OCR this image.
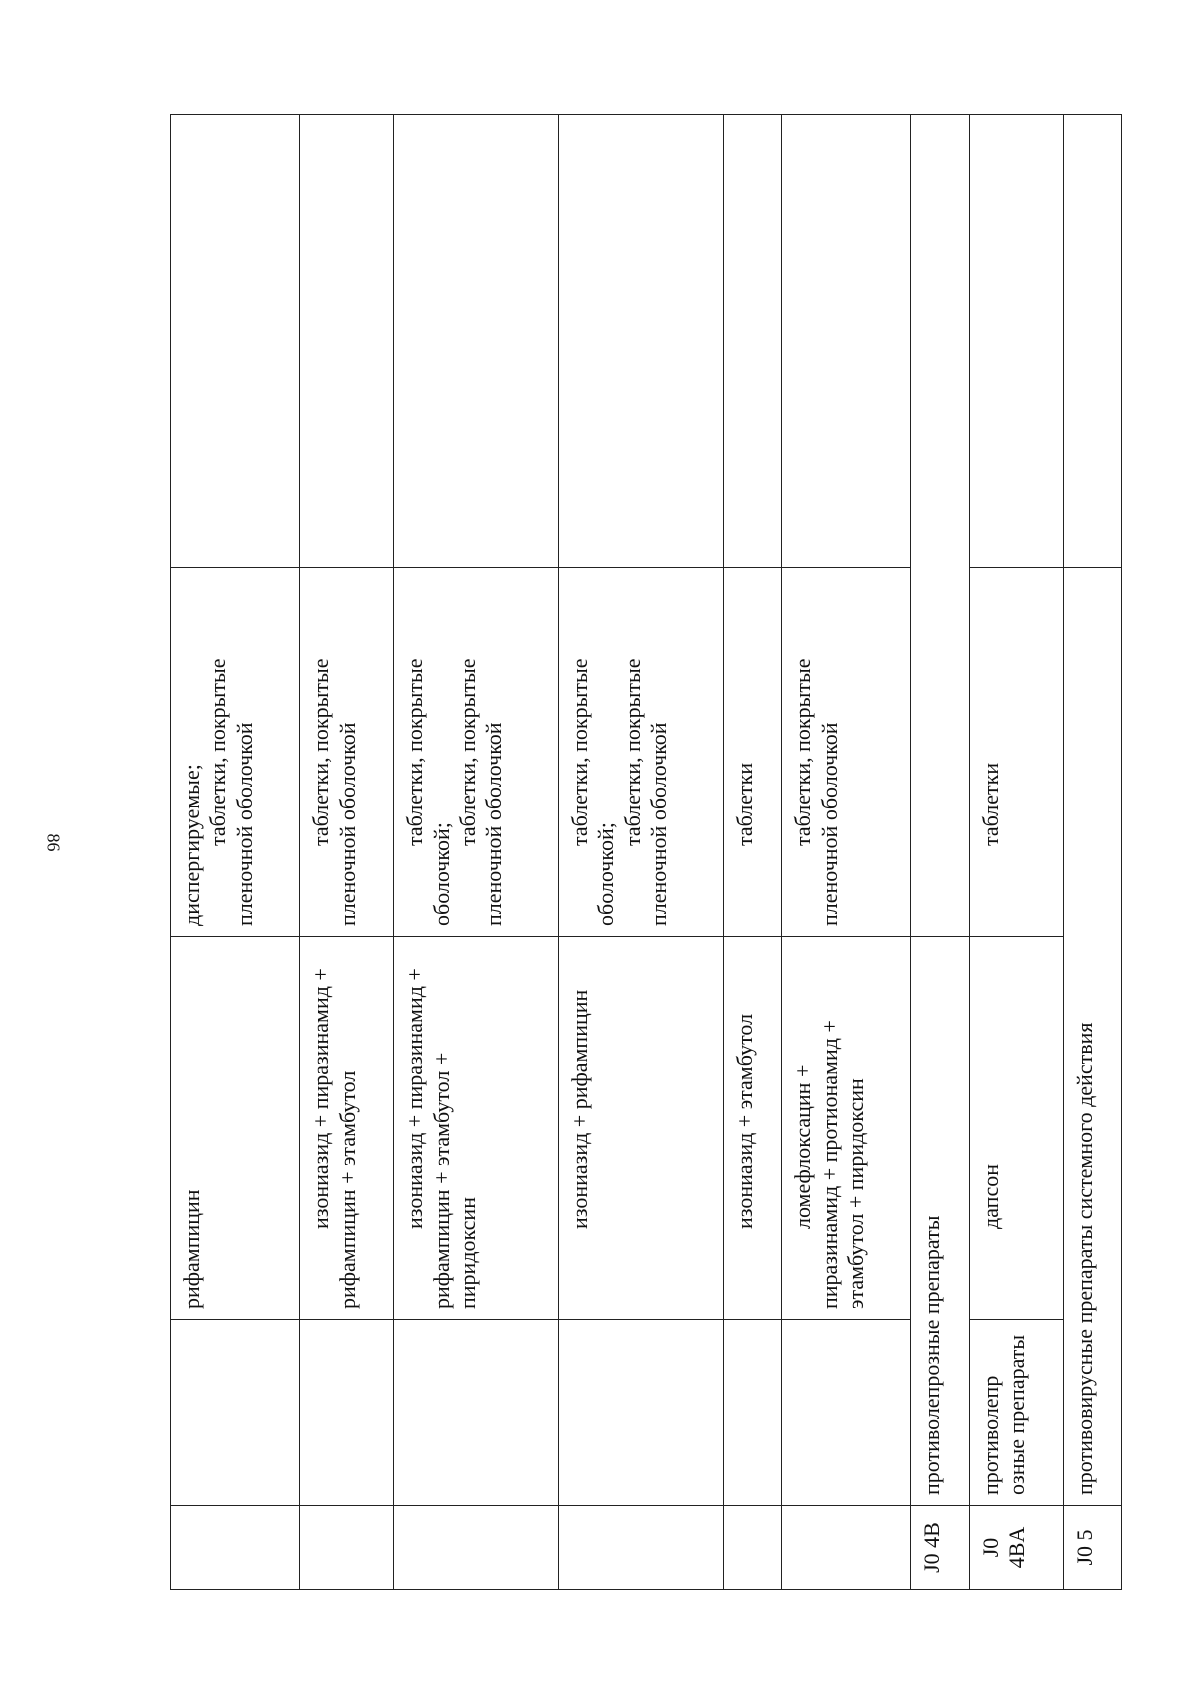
86
		рифампицин	диспергируемые; таблетки, покрытые пленочной оболочкой	

		изониазид + пиразинамид + рифампицин + этамбутол	таблетки, покрытые пленочной оболочкой	
		изониазид + пиразинамид + рифампицин + этамбутол + пиридоксин	таблетки, покрытые оболочкой;
таблетки, покрытые пленочной оболочкой	

		изониазид + рифампицин	таблетки, покрытые оболочкой;
таблетки, покрытые пленочной оболочкой	

		изониазид + этамбутол	таблетки	
		ломефлоксацин + пиразинамид + протионамид + этамбутол + пиридоксин	таблетки, покрытые пленочной оболочкой	
J0 4B	противолепрозные препараты			
J0 4BA	противолепр озные препараты	дапсон	таблетки	
J0 5	противовирусные препараты системного действия			
